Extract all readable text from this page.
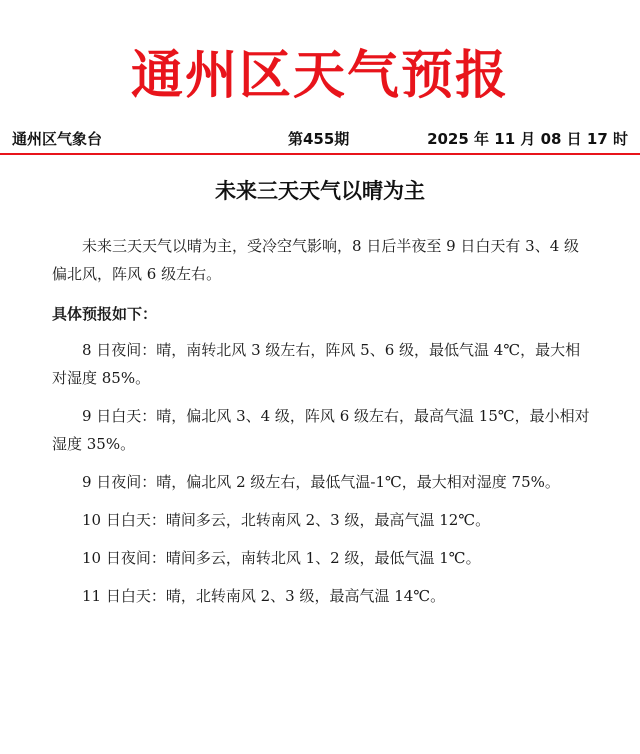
通州区天气预报
通州区气象台	第455期	2025 年 11 月 08 日 17 时
未来三天天气以晴为主

未来三天天气以晴为主，受冷空气影响，8 日后半夜至 9 日白天有 3、4 级偏北风，阵风 6 级左右。

具体预报如下：

8 日夜间：晴，南转北风 3 级左右，阵风 5、6 级，最低气温 4℃，最大相对湿度 85%。

9 日白天：晴，偏北风 3、4 级，阵风 6 级左右，最高气温 15℃，最小相对湿度 35%。

9 日夜间：晴，偏北风 2 级左右，最低气温-1℃，最大相对湿度 75%。

10 日白天：晴间多云，北转南风 2、3 级，最高气温 12℃。

10 日夜间：晴间多云，南转北风 1、2 级，最低气温 1℃。

11 日白天：晴，北转南风 2、3 级，最高气温 14℃。
